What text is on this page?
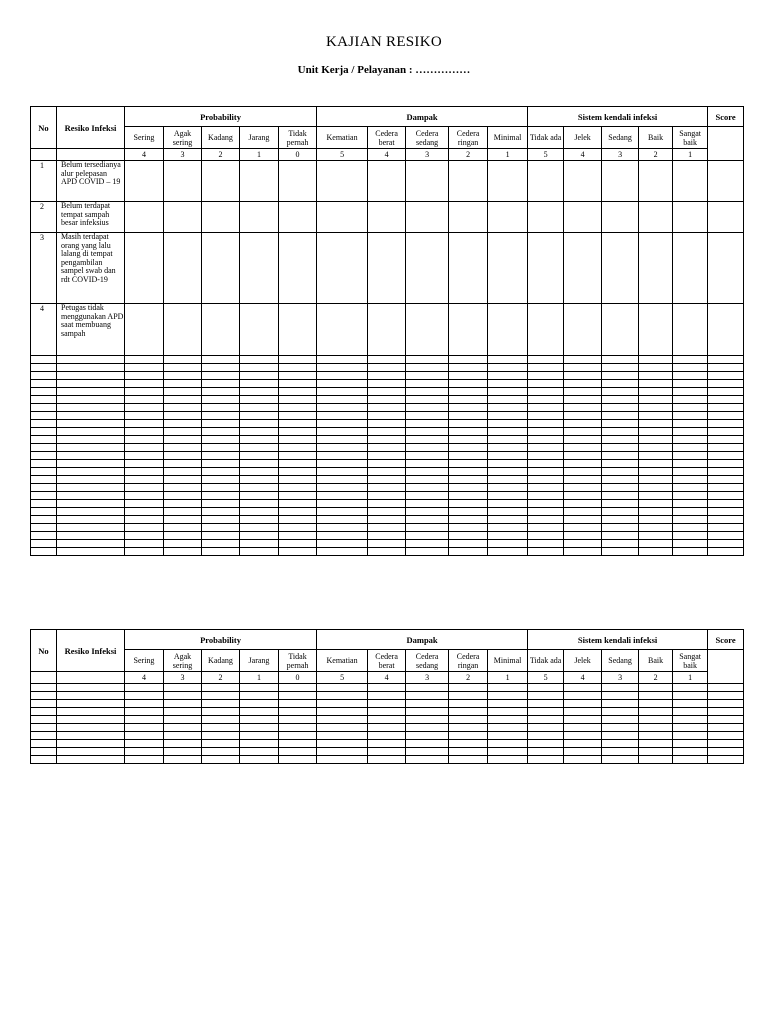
KAJIAN RESIKO
Unit Kerja / Pelayanan : ……………
No	Resiko Infeksi	Probability					Dampak					Sistem kendali infeksi					Score
		Sering	Agak sering	Kadang	Jarang	Tidak pernah	Kematian	Cedera berat	Cedera sedang	Cedera ringan	Minimal	Tidak ada	Jelek	Sedang	Baik	Sangat baik	
		4	3	2	1	0	5	4	3	2	1	5	4	3	2	1	
1	Belum tersedianya alur pelepasan APD COVID – 19																
2	Belum terdapat tempat sampah besar infeksius																
3	Masih terdapat orang yang lalu lalang di tempat pengambilan sampel swab dan rdt COVID-19																
4	Petugas tidak menggunakan APD saat membuang sampah																

No	Resiko Infeksi	Probability					Dampak					Sistem kendali infeksi					Score
		Sering	Agak sering	Kadang	Jarang	Tidak pernah	Kematian	Cedera berat	Cedera sedang	Cedera ringan	Minimal	Tidak ada	Jelek	Sedang	Baik	Sangat baik	
		4	3	2	1	0	5	4	3	2	1	5	4	3	2	1	
